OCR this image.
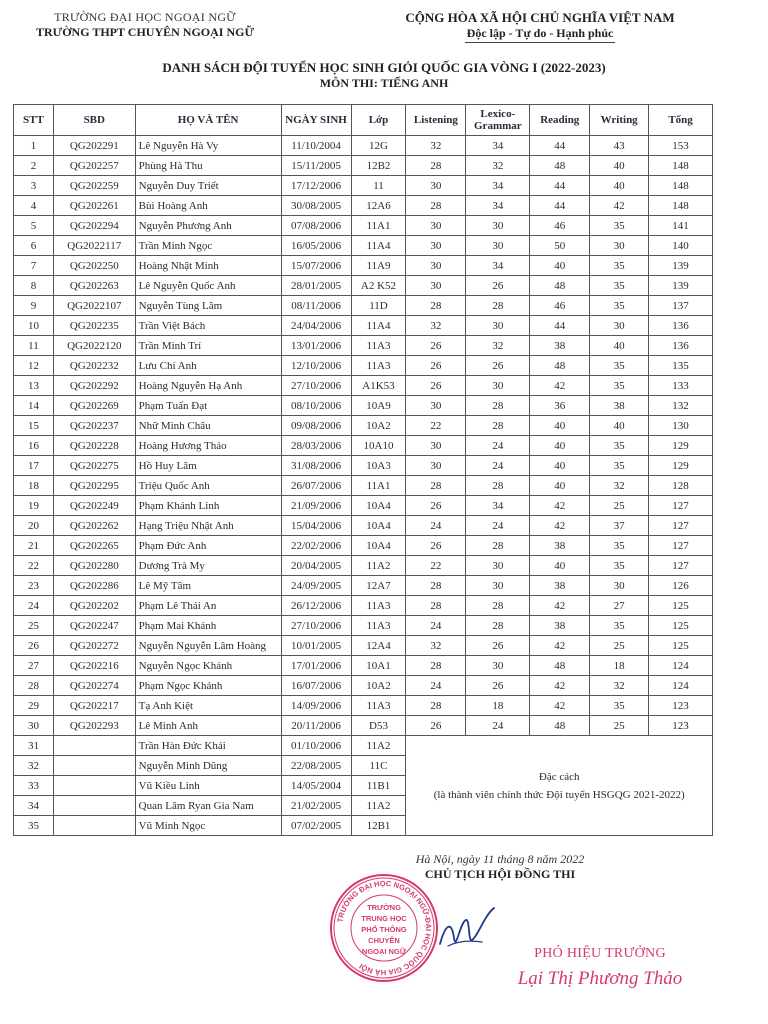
TRƯỜNG ĐẠI HỌC NGOẠI NGỮ
TRƯỜNG THPT CHUYÊN NGOẠI NGỮ
CỘNG HÒA XÃ HỘI CHỦ NGHĨA VIỆT NAM
Độc lập - Tự do - Hạnh phúc
DANH SÁCH ĐỘI TUYỂN HỌC SINH GIỎI QUỐC GIA VÒNG I (2022-2023)
MÔN THI: TIẾNG ANH
STT	SBD	HỌ VÀ TÊN	NGÀY SINH	Lớp	Listening	Lexico-Grammar	Reading	Writing	Tổng
1	QG202291	Lê Nguyễn Hà Vy	11/10/2004	12G	32	34	44	43	153
2	QG202257	Phùng Hà Thu	15/11/2005	12B2	28	32	48	40	148
3	QG202259	Nguyễn Duy Triết	17/12/2006	11	30	34	44	40	148
4	QG202261	Bùi Hoàng Anh	30/08/2005	12A6	28	34	44	42	148
5	QG202294	Nguyễn Phương Anh	07/08/2006	11A1	30	30	46	35	141
6	QG2022117	Trần Minh Ngọc	16/05/2006	11A4	30	30	50	30	140
7	QG202250	Hoàng Nhật Minh	15/07/2006	11A9	30	34	40	35	139
8	QG202263	Lê Nguyễn Quốc Anh	28/01/2005	A2 K52	30	26	48	35	139
9	QG2022107	Nguyễn Tùng Lâm	08/11/2006	11D	28	28	46	35	137
10	QG202235	Trần Việt Bách	24/04/2006	11A4	32	30	44	30	136
11	QG2022120	Trần Minh Trí	13/01/2006	11A3	26	32	38	40	136
12	QG202232	Lưu Chí Anh	12/10/2006	11A3	26	26	48	35	135
13	QG202292	Hoàng Nguyễn Hạ Anh	27/10/2006	A1K53	26	30	42	35	133
14	QG202269	Phạm Tuấn Đạt	08/10/2006	10A9	30	28	36	38	132
15	QG202237	Nhữ Minh Châu	09/08/2006	10A2	22	28	40	40	130
16	QG202228	Hoàng Hương Thảo	28/03/2006	10A10	30	24	40	35	129
17	QG202275	Hồ Huy Lâm	31/08/2006	10A3	30	24	40	35	129
18	QG202295	Triệu Quốc Anh	26/07/2006	11A1	28	28	40	32	128
19	QG202249	Phạm Khánh Linh	21/09/2006	10A4	26	34	42	25	127
20	QG202262	Hạng Triệu Nhật Anh	15/04/2006	10A4	24	24	42	37	127
21	QG202265	Phạm Đức Anh	22/02/2006	10A4	26	28	38	35	127
22	QG202280	Dương Trà My	20/04/2005	11A2	22	30	40	35	127
23	QG202286	Lê Mỹ Tâm	24/09/2005	12A7	28	30	38	30	126
24	QG202202	Phạm Lê Thái An	26/12/2006	11A3	28	28	42	27	125
25	QG202247	Phạm Mai Khánh	27/10/2006	11A3	24	28	38	35	125
26	QG202272	Nguyễn Nguyễn Lâm Hoàng	10/01/2005	12A4	32	26	42	25	125
27	QG202216	Nguyễn Ngọc Khánh	17/01/2006	10A1	28	30	48	18	124
28	QG202274	Phạm Ngọc Khánh	16/07/2006	10A2	24	26	42	32	124
29	QG202217	Tạ Anh Kiệt	14/09/2006	11A3	28	18	42	35	123
30	QG202293	Lê Minh Anh	20/11/2006	D53	26	24	48	25	123
31		Trần Hàn Đức Khải	01/10/2006	11A2	Đặc cách
(là thành viên chính thức Đội tuyển HSGQG 2021-2022)				

32		Nguyễn Minh Dũng	22/08/2005	11C					
33		Vũ Kiều Linh	14/05/2004	11B1					
34		Quan Lâm Ryan Gia Nam	21/02/2005	11A2					
35		Vũ Minh Ngọc	07/02/2005	12B1					
Hà Nội, ngày 11 tháng 8 năm 2022
CHỦ TỊCH HỘI ĐỒNG THI
TRƯỜNG ĐẠI HỌC NGOẠI NGỮ-ĐẠI HỌC QUỐC GIA HÀ NỘI
TRƯỜNG
TRUNG HỌC
PHỔ THÔNG
CHUYÊN
NGOẠI NGỮ	PHÓ HIỆU TRƯỞNG
Lại Thị Phương Thảo
